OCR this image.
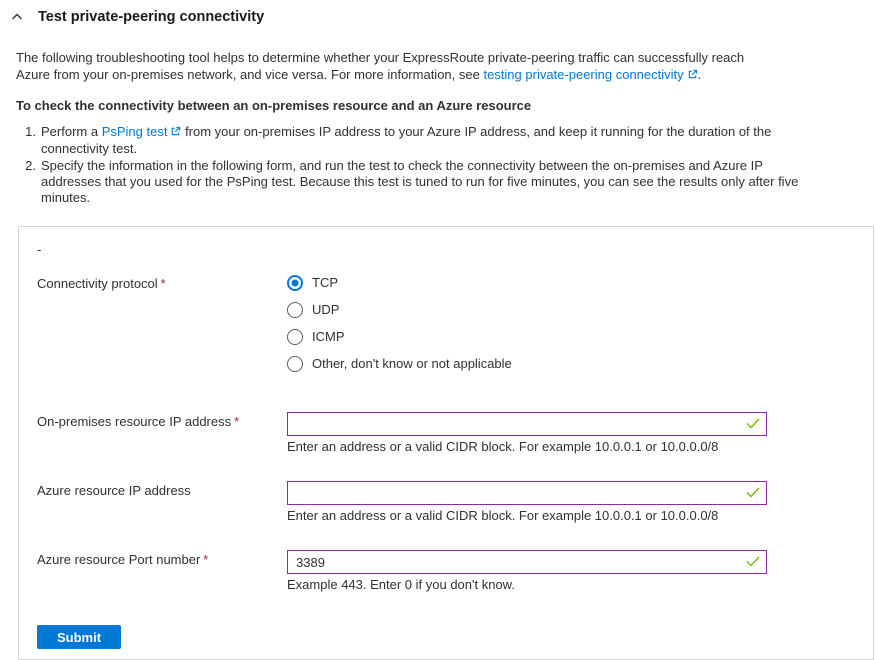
Test private-peering connectivity
The following troubleshooting tool helps to determine whether your ExpressRoute private-peering traffic can successfully reach Azure from your on-premises network, and vice versa. For more information, see testing private-peering connectivity .
To check the connectivity between an on-premises resource and an Azure resource
1. Perform a PsPing test from your on-premises IP address to your Azure IP address, and keep it running for the duration of the connectivity test.
2. Specify the information in the following form, and run the test to check the connectivity between the on-premises and Azure IP addresses that you used for the PsPing test. Because this test is tuned to run for five minutes, you can see the results only after five minutes.
-
Connectivity protocol *	TCP
UDP
ICMP
Other, don't know or not applicable
On-premises resource IP address *
Enter an address or a valid CIDR block. For example 10.0.0.1 or 10.0.0.0/8
Azure resource IP address
Enter an address or a valid CIDR block. For example 10.0.0.1 or 10.0.0.0/8
Azure resource Port number *
3389
Example 443. Enter 0 if you don't know.
Submit
